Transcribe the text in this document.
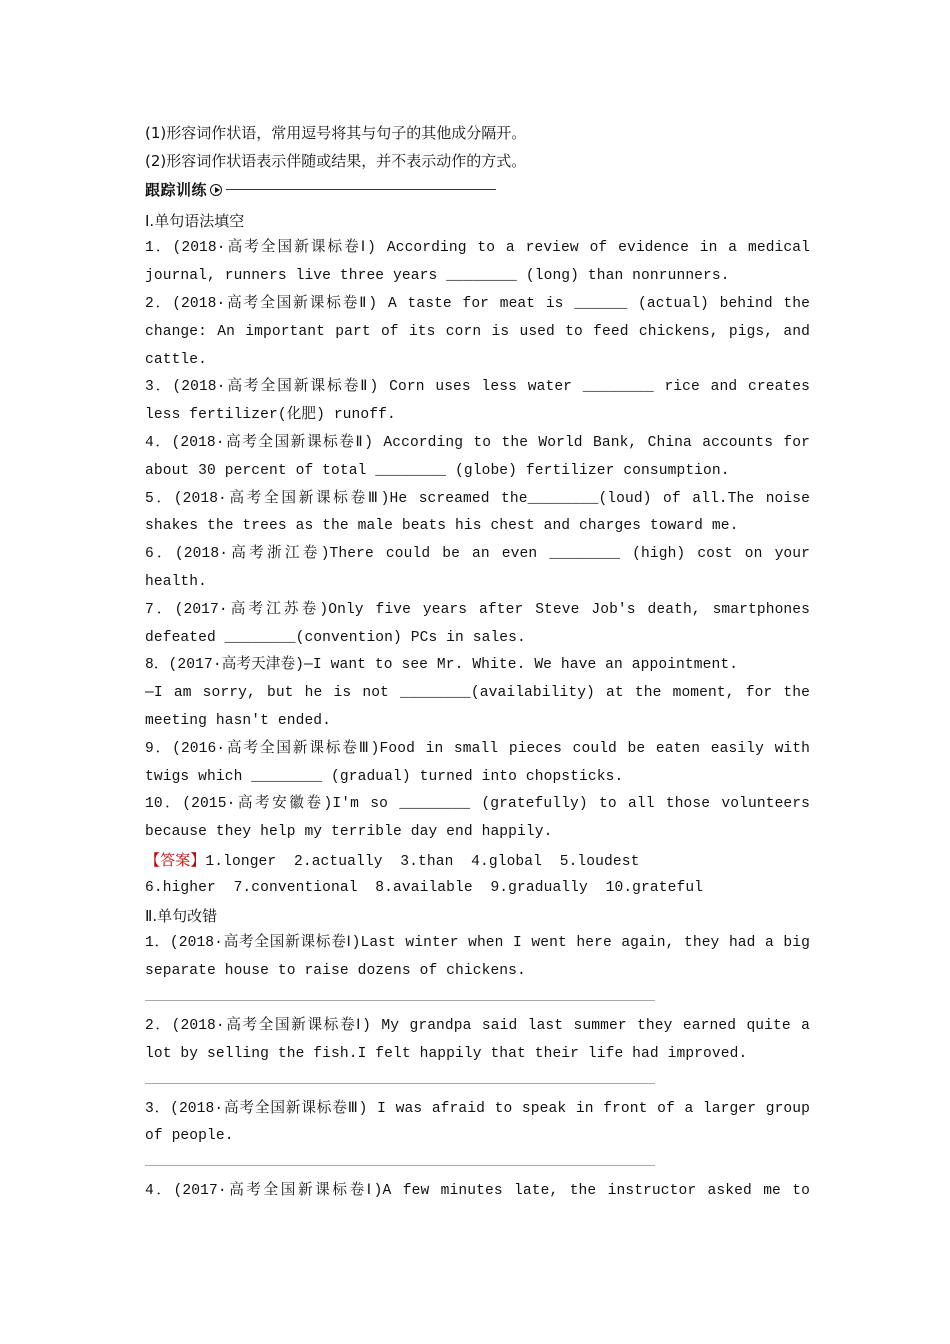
(1)形容词作状语，常用逗号将其与句子的其他成分隔开。
(2)形容词作状语表示伴随或结果，并不表示动作的方式。
跟踪训练
Ⅰ.单句语法填空
1．(2018·高考全国新课标卷Ⅰ) According to a review of evidence in a medical
journal, runners live three years ________ (long) than nonrunners.
2．(2018·高考全国新课标卷Ⅱ) A taste for meat is ______ (actual) behind the
change: An important part of its corn is used to feed chickens, pigs, and
cattle.
3．(2018·高考全国新课标卷Ⅱ) Corn uses less water ________ rice and creates
less fertilizer(化肥) runoff.
4．(2018·高考全国新课标卷Ⅱ) According to the World Bank, China accounts for
about 30 percent of total ________ (globe) fertilizer consumption.
5．(2018·高考全国新课标卷Ⅲ)He screamed the________(loud) of all.The noise
shakes the trees as the male beats his chest and charges toward me.
6．(2018·高考浙江卷)There could be an even ________ (high) cost on your
health.
7．(2017·高考江苏卷)Only five years after Steve Job's death, smartphones
defeated ________(convention) PCs in sales.
8．(2017·高考天津卷)—I want to see Mr. White. We have an appointment.
—I am sorry, but he is not ________(availability) at the moment, for the
meeting hasn't ended.
9．(2016·高考全国新课标卷Ⅲ)Food in small pieces could be eaten easily with
twigs which ________ (gradual) turned into chopsticks.
10．(2015·高考安徽卷)I'm so ________ (gratefully) to all those volunteers
because they help my terrible day end happily.
【答案】1.longer  2.actually  3.than  4.global  5.loudest
6.higher  7.conventional  8.available  9.gradually  10.grateful
Ⅱ.单句改错
1．(2018·高考全国新课标卷Ⅰ)Last winter when I went here again, they had a big
separate house to raise dozens of chickens.
2．(2018·高考全国新课标卷Ⅰ) My grandpa said last summer they earned quite a
lot by selling the fish.I felt happily that their life had improved.
3．(2018·高考全国新课标卷Ⅲ) I was afraid to speak in front of a larger group
of people.
4．(2017·高考全国新课标卷Ⅰ)A few minutes late, the instructor asked me to
